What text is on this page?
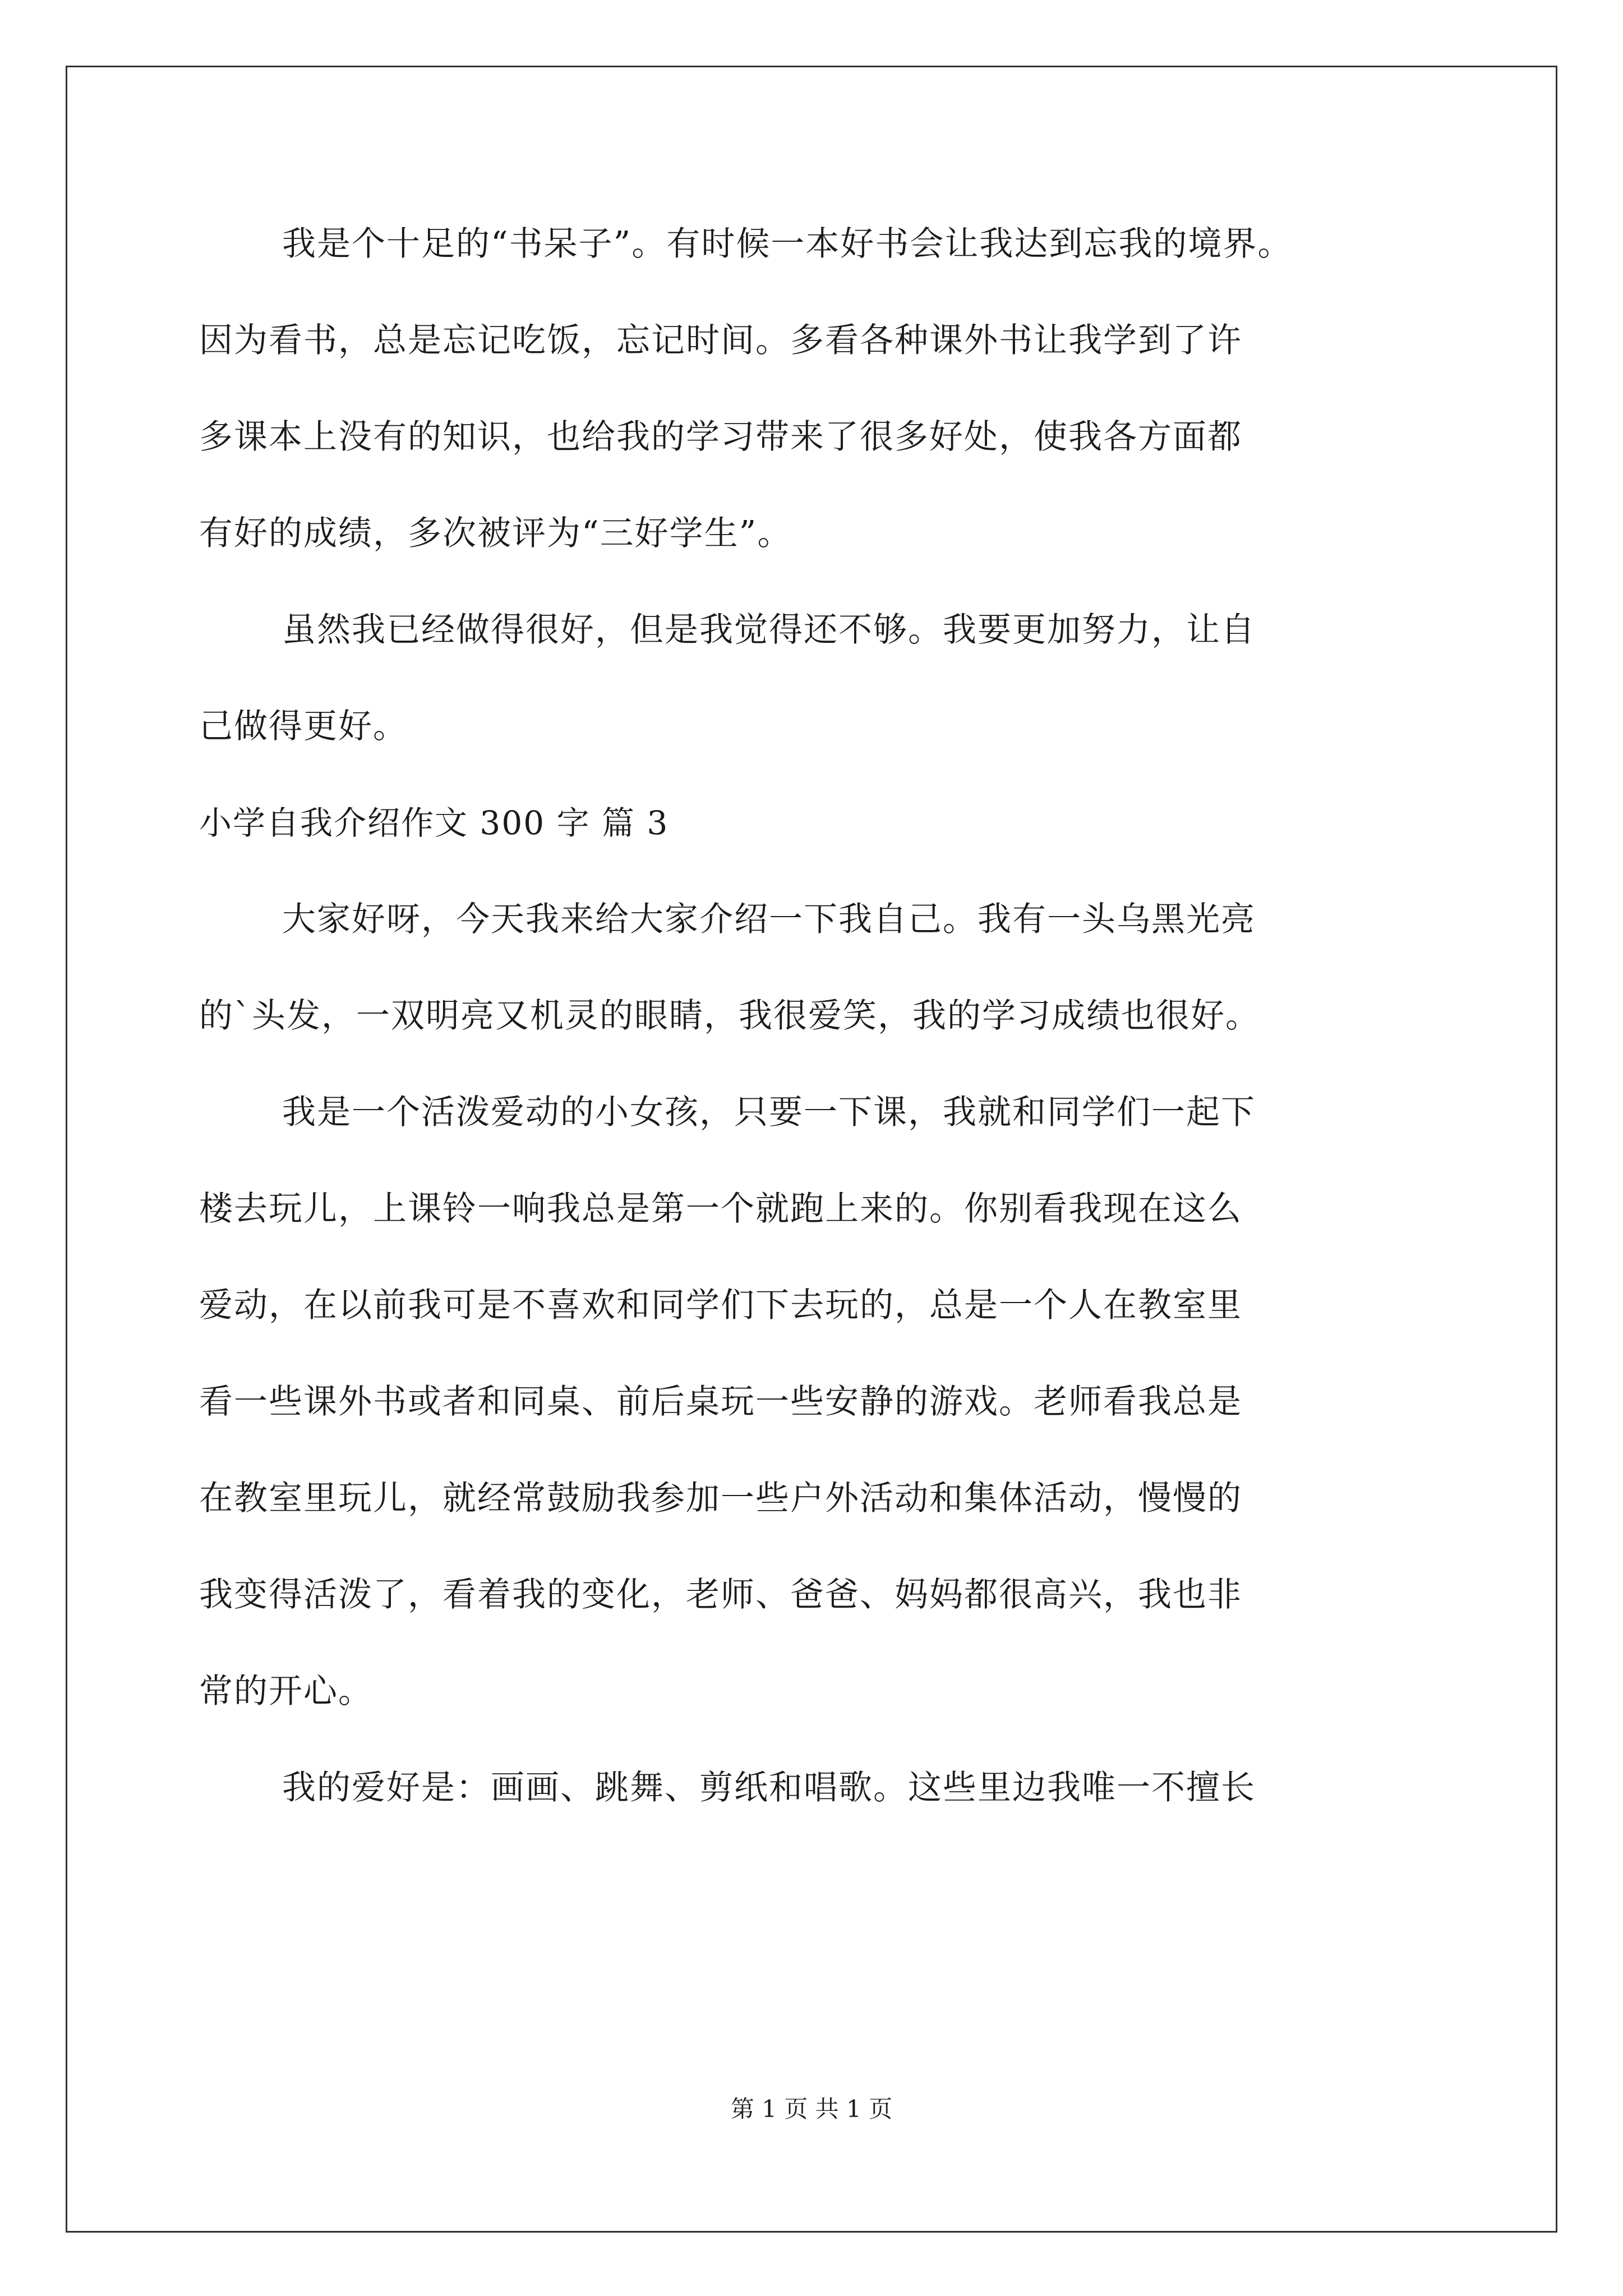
我是个十足的“书呆子”。有时候一本好书会让我达到忘我的境界。
因为看书，总是忘记吃饭，忘记时间。多看各种课外书让我学到了许
多课本上没有的知识，也给我的学习带来了很多好处，使我各方面都
有好的成绩，多次被评为“三好学生”。
虽然我已经做得很好，但是我觉得还不够。我要更加努力，让自
己做得更好。
小学自我介绍作文 300 字 篇 3
大家好呀，今天我来给大家介绍一下我自己。我有一头乌黑光亮
的`头发，一双明亮又机灵的眼睛，我很爱笑，我的学习成绩也很好。
我是一个活泼爱动的小女孩，只要一下课，我就和同学们一起下
楼去玩儿，上课铃一响我总是第一个就跑上来的。你别看我现在这么
爱动，在以前我可是不喜欢和同学们下去玩的，总是一个人在教室里
看一些课外书或者和同桌、前后桌玩一些安静的游戏。老师看我总是
在教室里玩儿，就经常鼓励我参加一些户外活动和集体活动，慢慢的
我变得活泼了，看着我的变化，老师、爸爸、妈妈都很高兴，我也非
常的开心。
我的爱好是：画画、跳舞、剪纸和唱歌。这些里边我唯一不擅长
第 1 页 共 1 页
